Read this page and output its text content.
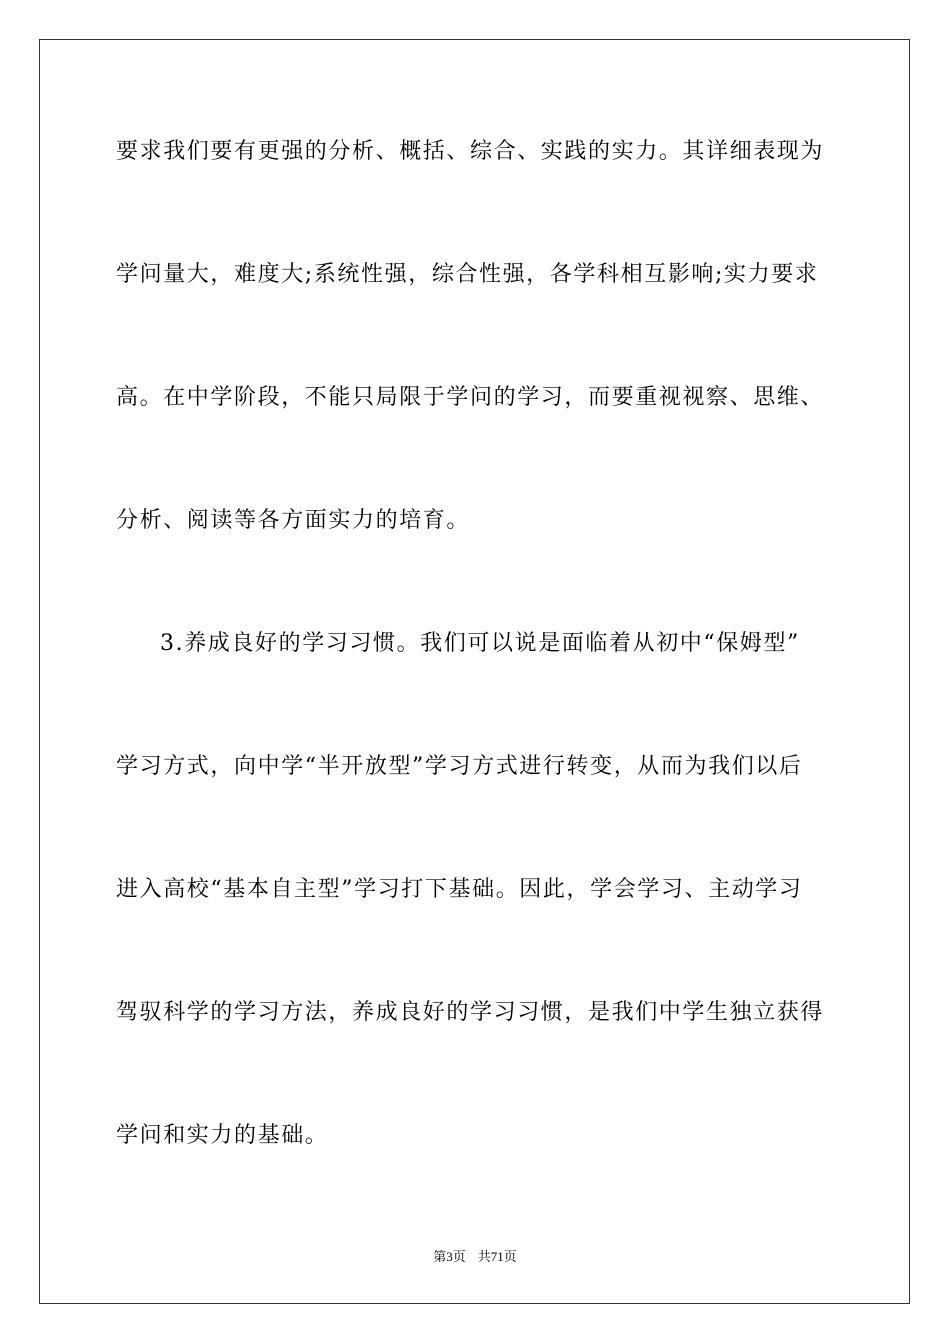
要求我们要有更强的分析、概括、综合、实践的实力。其详细表现为
学问量大，难度大;系统性强，综合性强，各学科相互影响;实力要求
高。在中学阶段，不能只局限于学问的学习，而要重视视察、思维、
分析、阅读等各方面实力的培育。
3.养成良好的学习习惯。我们可以说是面临着从初中“保姆型”
学习方式，向中学“半开放型”学习方式进行转变，从而为我们以后
进入高校“基本自主型”学习打下基础。因此，学会学习、主动学习
驾驭科学的学习方法，养成良好的学习习惯，是我们中学生独立获得
学问和实力的基础。
第3页 共71页
